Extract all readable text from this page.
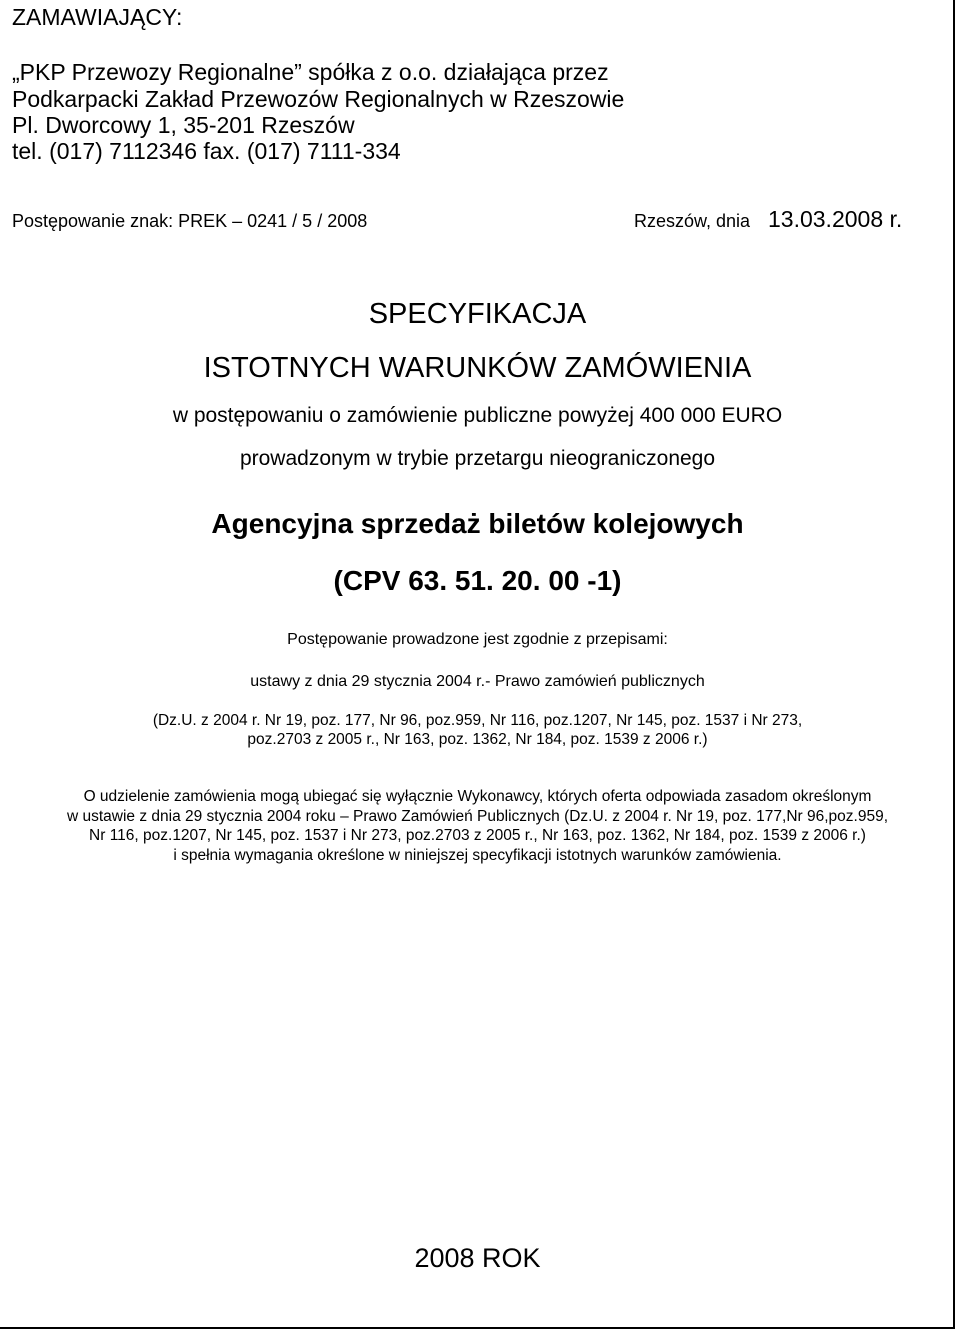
ZAMAWIAJĄCY:
„PKP Przewozy Regionalne” spółka z o.o. działająca przez
Podkarpacki Zakład Przewozów Regionalnych w Rzeszowie
Pl. Dworcowy 1, 35-201 Rzeszów
tel. (017) 7112346 fax. (017) 7111-334
Postępowanie znak: PREK – 0241 / 5 / 2008	Rzeszów, dnia 13.03.2008 r.
SPECYFIKACJA
ISTOTNYCH WARUNKÓW ZAMÓWIENIA
w postępowaniu o zamówienie publiczne powyżej 400 000 EURO
prowadzonym w trybie przetargu nieograniczonego
Agencyjna sprzedaż biletów kolejowych
(CPV 63. 51. 20. 00 -1)
Postępowanie prowadzone jest zgodnie z przepisami:
ustawy z dnia 29 stycznia 2004 r.- Prawo zamówień publicznych
(Dz.U. z 2004 r. Nr 19, poz. 177, Nr 96, poz.959, Nr 116, poz.1207, Nr 145, poz. 1537 i Nr 273,
poz.2703 z 2005 r., Nr 163, poz. 1362, Nr 184, poz. 1539 z 2006 r.)
O udzielenie zamówienia mogą ubiegać się wyłącznie Wykonawcy, których oferta odpowiada zasadom określonym
w ustawie z dnia 29 stycznia 2004 roku – Prawo Zamówień Publicznych (Dz.U. z 2004 r. Nr 19, poz. 177,Nr 96,poz.959,
Nr 116, poz.1207, Nr 145, poz. 1537 i Nr 273, poz.2703 z 2005 r., Nr 163, poz. 1362, Nr 184, poz. 1539 z 2006 r.)
i spełnia wymagania określone w niniejszej specyfikacji istotnych warunków zamówienia.
2008 ROK
